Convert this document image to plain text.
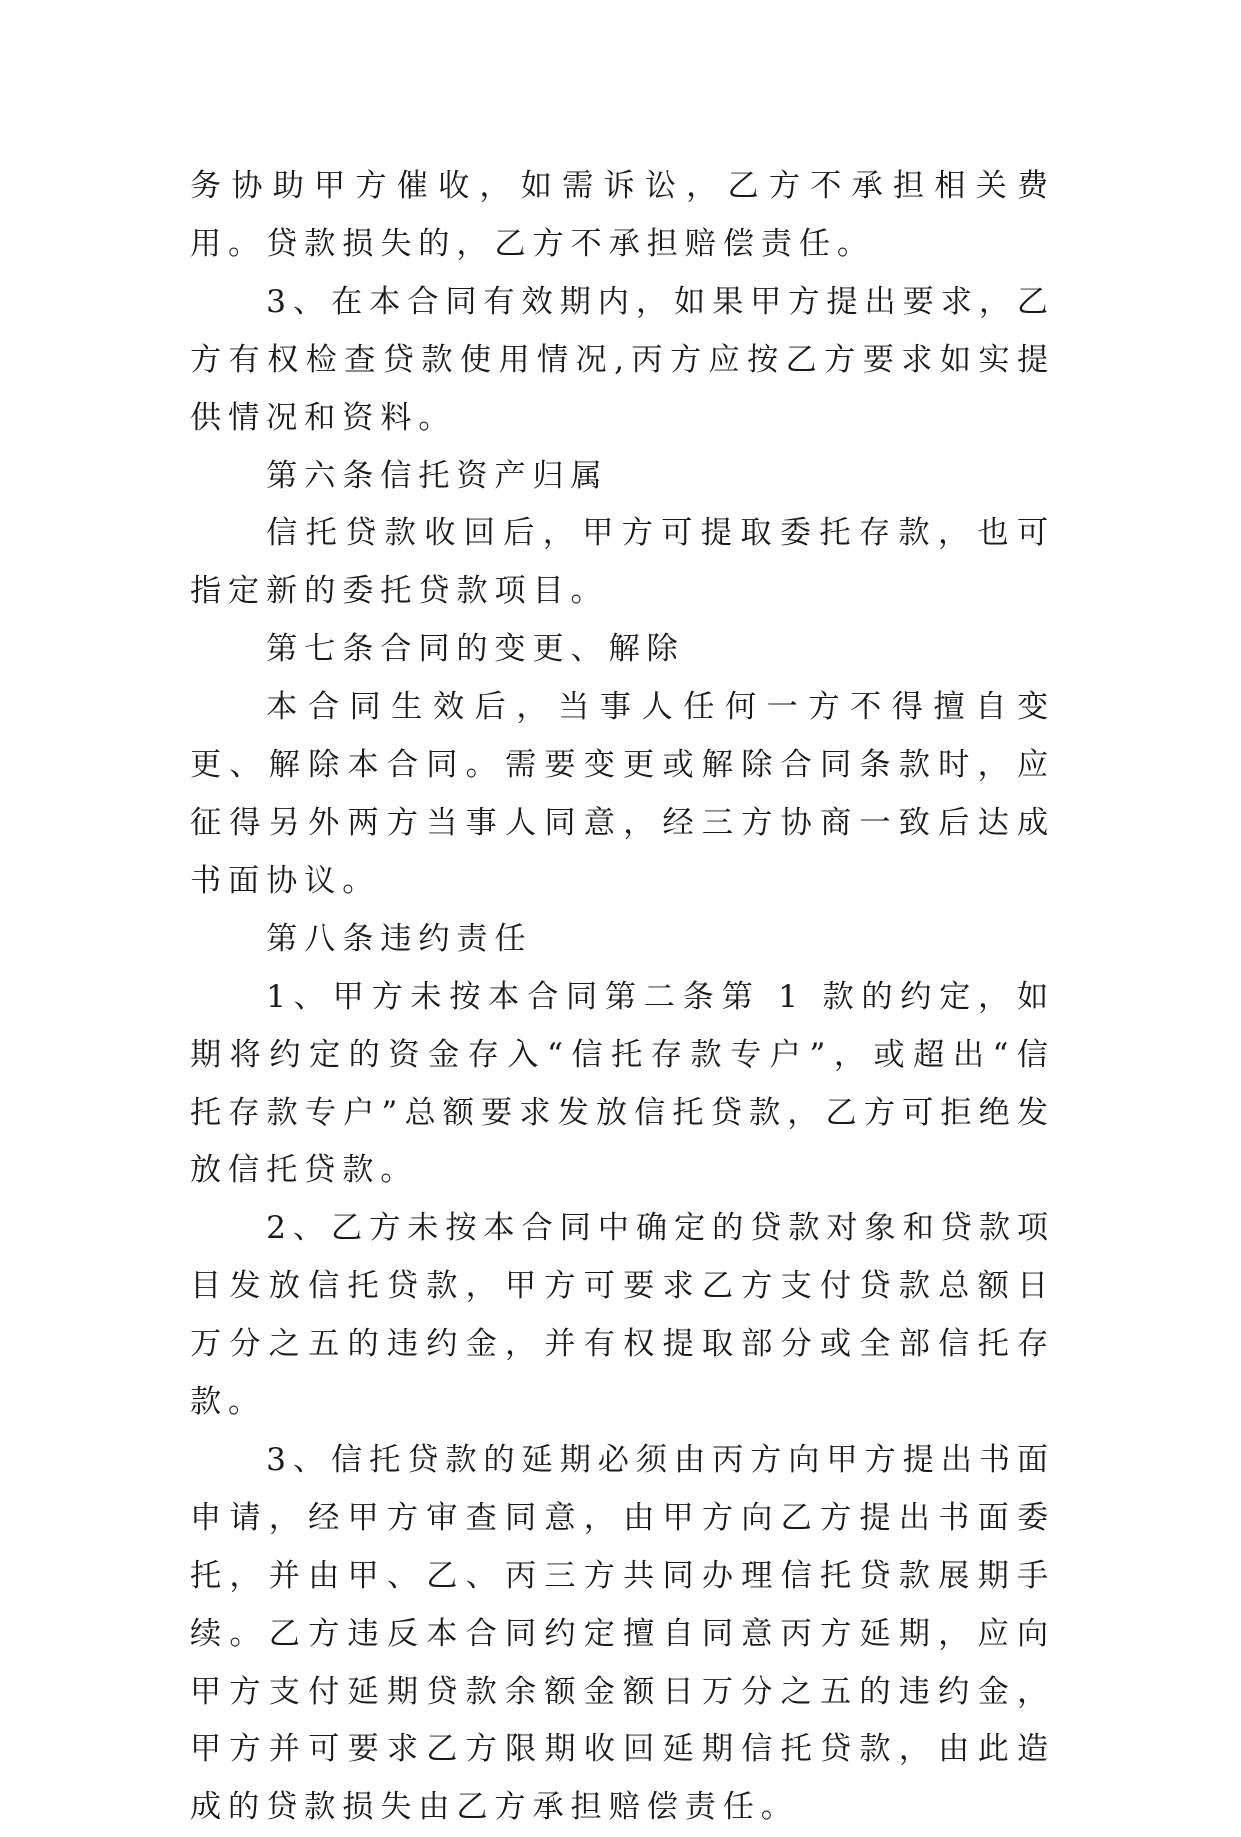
务协助甲方催收，如需诉讼，乙方不承担相关费用。贷款损失的，乙方不承担赔偿责任。

3、在本合同有效期内，如果甲方提出要求，乙方有权检查贷款使用情况,丙方应按乙方要求如实提供情况和资料。

第六条信托资产归属

信托贷款收回后，甲方可提取委托存款，也可指定新的委托贷款项目。

第七条合同的变更、解除

本合同生效后，当事人任何一方不得擅自变更、解除本合同。需要变更或解除合同条款时，应征得另外两方当事人同意，经三方协商一致后达成书面协议。

第八条违约责任

1、甲方未按本合同第二条第 1 款的约定，如期将约定的资金存入“信托存款专户”，或超出“信托存款专户”总额要求发放信托贷款，乙方可拒绝发放信托贷款。

2、乙方未按本合同中确定的贷款对象和贷款项目发放信托贷款，甲方可要求乙方支付贷款总额日万分之五的违约金，并有权提取部分或全部信托存款。

3、信托贷款的延期必须由丙方向甲方提出书面申请，经甲方审查同意，由甲方向乙方提出书面委托，并由甲、乙、丙三方共同办理信托贷款展期手续。乙方违反本合同约定擅自同意丙方延期，应向甲方支付延期贷款余额金额日万分之五的违约金，甲方并可要求乙方限期收回延期信托贷款，由此造成的贷款损失由乙方承担赔偿责任。
